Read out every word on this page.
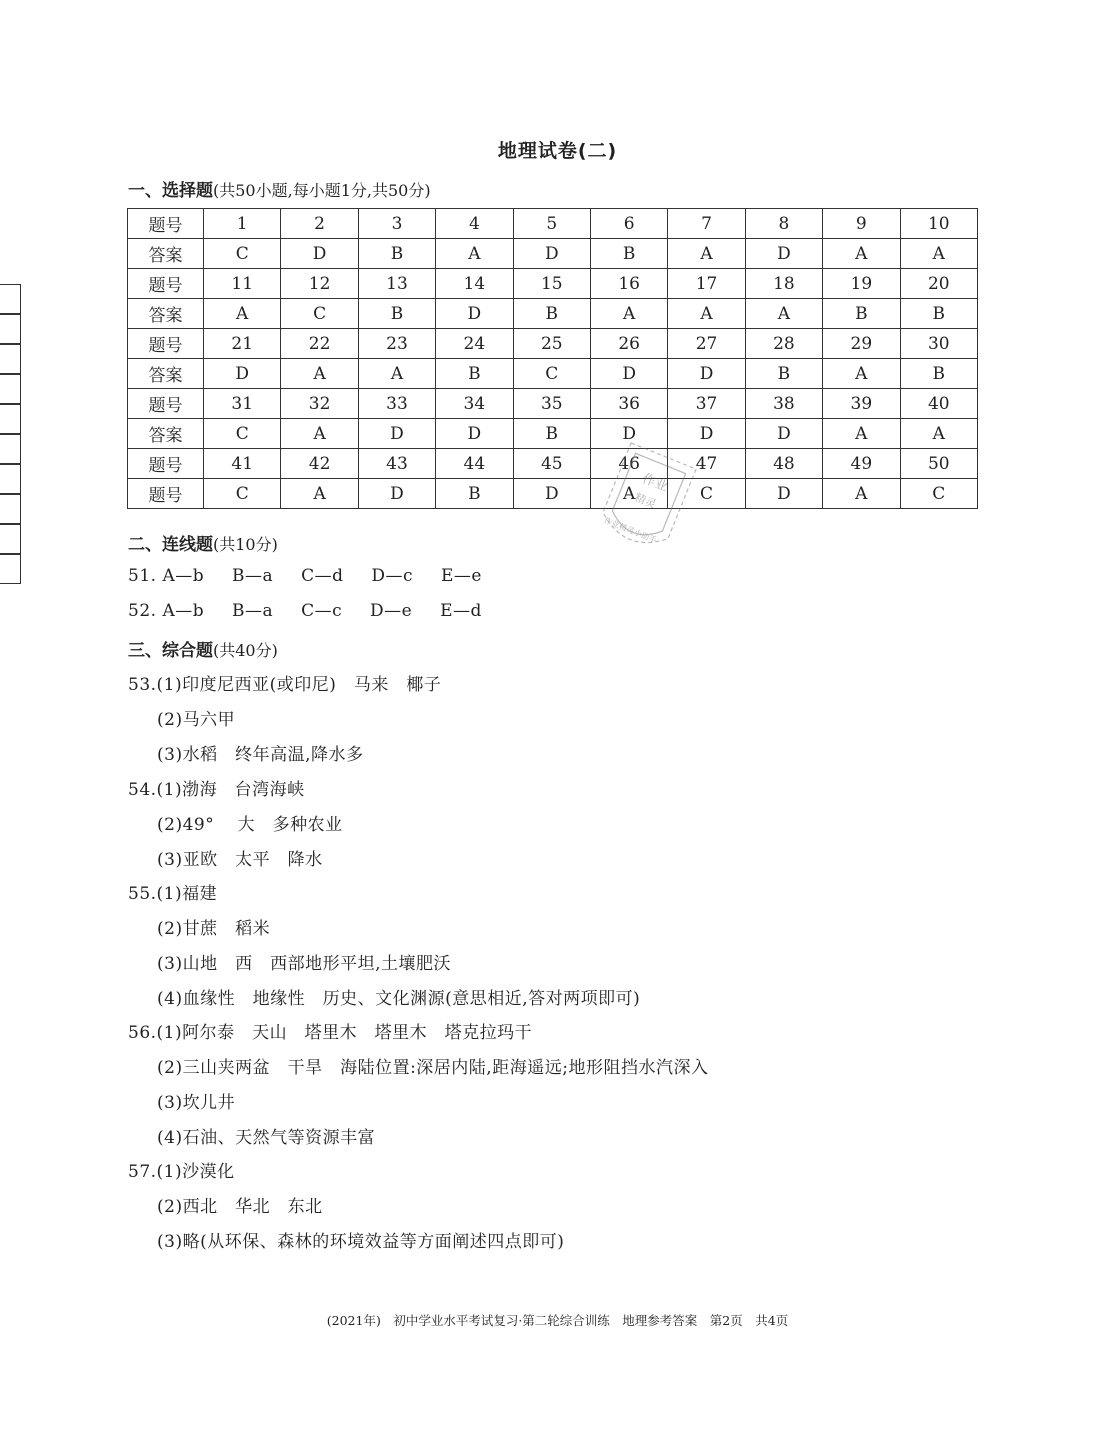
地理试卷(二)
一、选择题(共50小题,每小题1分,共50分)
题号	1	2	3	4	5	6	7	8	9	10
答案	C	D	B	A	D	B	A	D	A	A
题号	11	12	13	14	15	16	17	18	19	20
答案	A	C	B	D	B	A	A	A	B	B
题号	21	22	23	24	25	26	27	28	29	30
答案	D	A	A	B	C	D	D	B	A	B
题号	31	32	33	34	35	36	37	38	39	40
答案	C	A	D	D	B	D	D	D	A	A
题号	41	42	43	44	45	46	47	48	49	50
题号	C	A	D	B	D	A	C	D	A	C
作业
精灵
作业精灵小助手
二、连线题(共10分)
51. A—b B—a C—d D—c E—e
52. A—b B—a C—c D—e E—d
三、综合题(共40分)
53.(1)印度尼西亚(或印尼)　马来　椰子
(2)马六甲
(3)水稻　终年高温,降水多
54.(1)渤海　台湾海峡
(2)49°　 大　多种农业
(3)亚欧　太平　降水
55.(1)福建
(2)甘蔗　稻米
(3)山地　西　西部地形平坦,土壤肥沃
(4)血缘性　地缘性　历史、文化渊源(意思相近,答对两项即可)
56.(1)阿尔泰　天山　塔里木　塔里木　塔克拉玛干
(2)三山夹两盆　干旱　海陆位置:深居内陆,距海遥远;地形阻挡水汽深入
(3)坎儿井
(4)石油、天然气等资源丰富
57.(1)沙漠化
(2)西北　华北　东北
(3)略(从环保、森林的环境效益等方面阐述四点即可)
(2021年)　初中学业水平考试复习·第二轮综合训练　地理参考答案　第2页　共4页
